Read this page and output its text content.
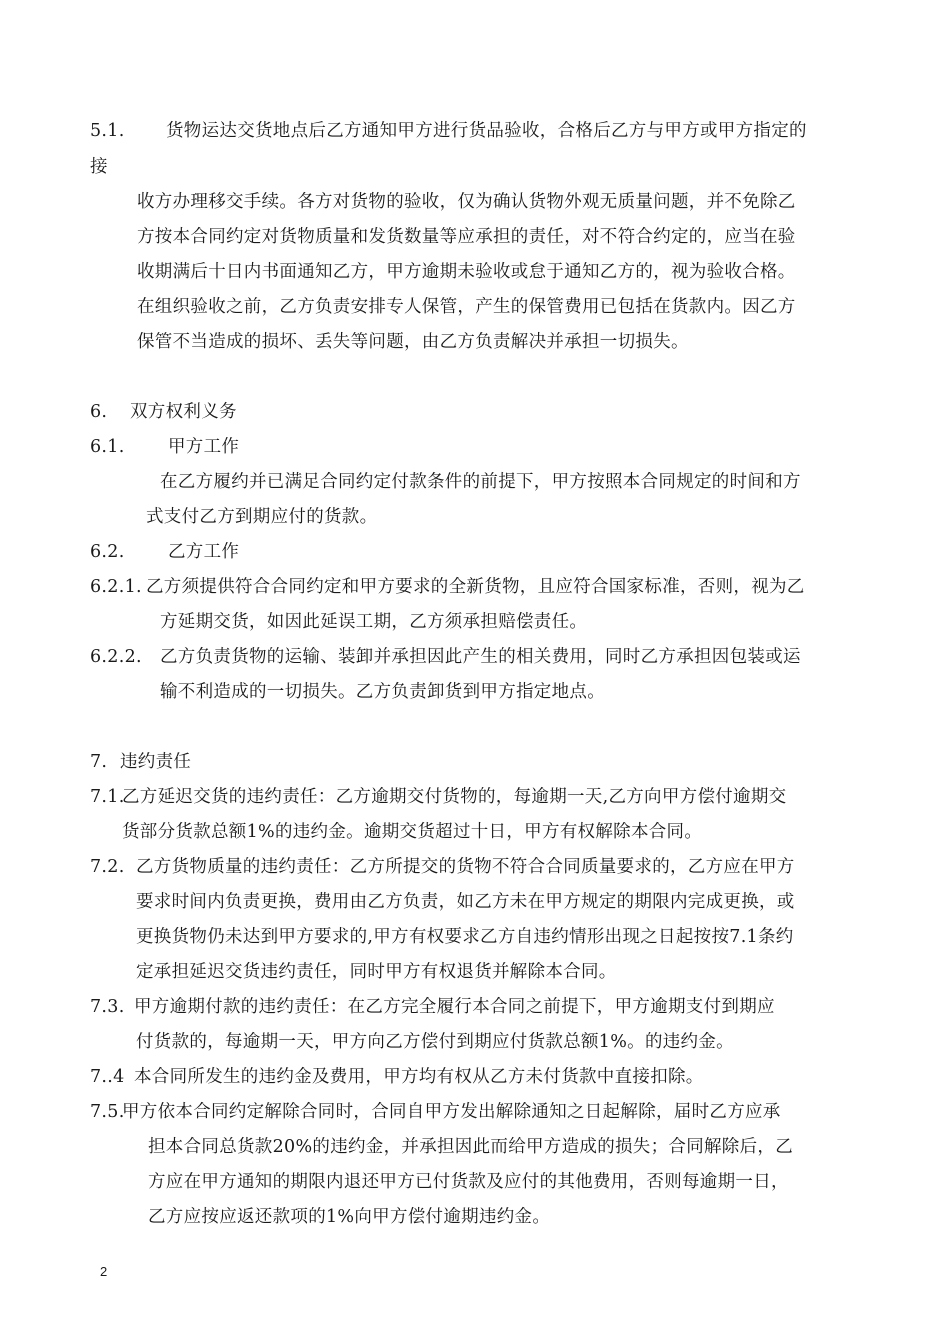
5.1. 货物运达交货地点后乙方通知甲方进行货品验收，合格后乙方与甲方或甲方指定的
接
收方办理移交手续。各方对货物的验收，仅为确认货物外观无质量问题，并不免除乙
方按本合同约定对货物质量和发货数量等应承担的责任，对不符合约定的，应当在验
收期满后十日内书面通知乙方，甲方逾期未验收或怠于通知乙方的，视为验收合格。
在组织验收之前，乙方负责安排专人保管，产生的保管费用已包括在货款内。因乙方
保管不当造成的损坏、丢失等问题，由乙方负责解决并承担一切损失。
6. 双方权利义务
6.1. 甲方工作
在乙方履约并已满足合同约定付款条件的前提下，甲方按照本合同规定的时间和方
式支付乙方到期应付的货款。
6.2. 乙方工作
6.2.1. 乙方须提供符合合同约定和甲方要求的全新货物，且应符合国家标准，否则，视为乙
方延期交货，如因此延误工期，乙方须承担赔偿责任。
6.2.2. 乙方负责货物的运输、装卸并承担因此产生的相关费用，同时乙方承担因包装或运
输不利造成的一切损失。乙方负责卸货到甲方指定地点。
7. 违约责任
7.1.乙方延迟交货的违约责任：乙方逾期交付货物的，每逾期一天,乙方向甲方偿付逾期交
货部分货款总额1%的违约金。逾期交货超过十日，甲方有权解除本合同。
7.2. 乙方货物质量的违约责任：乙方所提交的货物不符合合同质量要求的，乙方应在甲方
要求时间内负责更换，费用由乙方负责，如乙方未在甲方规定的期限内完成更换，或
更换货物仍未达到甲方要求的,甲方有权要求乙方自违约情形出现之日起按按7.1条约
定承担延迟交货违约责任，同时甲方有权退货并解除本合同。
7.3. 甲方逾期付款的违约责任：在乙方完全履行本合同之前提下，甲方逾期支付到期应
付货款的，每逾期一天，甲方向乙方偿付到期应付货款总额1%。的违约金。
7..4 本合同所发生的违约金及费用，甲方均有权从乙方未付货款中直接扣除。
7.5.甲方依本合同约定解除合同时，合同自甲方发出解除通知之日起解除，届时乙方应承
担本合同总货款20%的违约金，并承担因此而给甲方造成的损失；合同解除后，乙
方应在甲方通知的期限内退还甲方已付货款及应付的其他费用，否则每逾期一日，
乙方应按应返还款项的1%向甲方偿付逾期违约金。
2
